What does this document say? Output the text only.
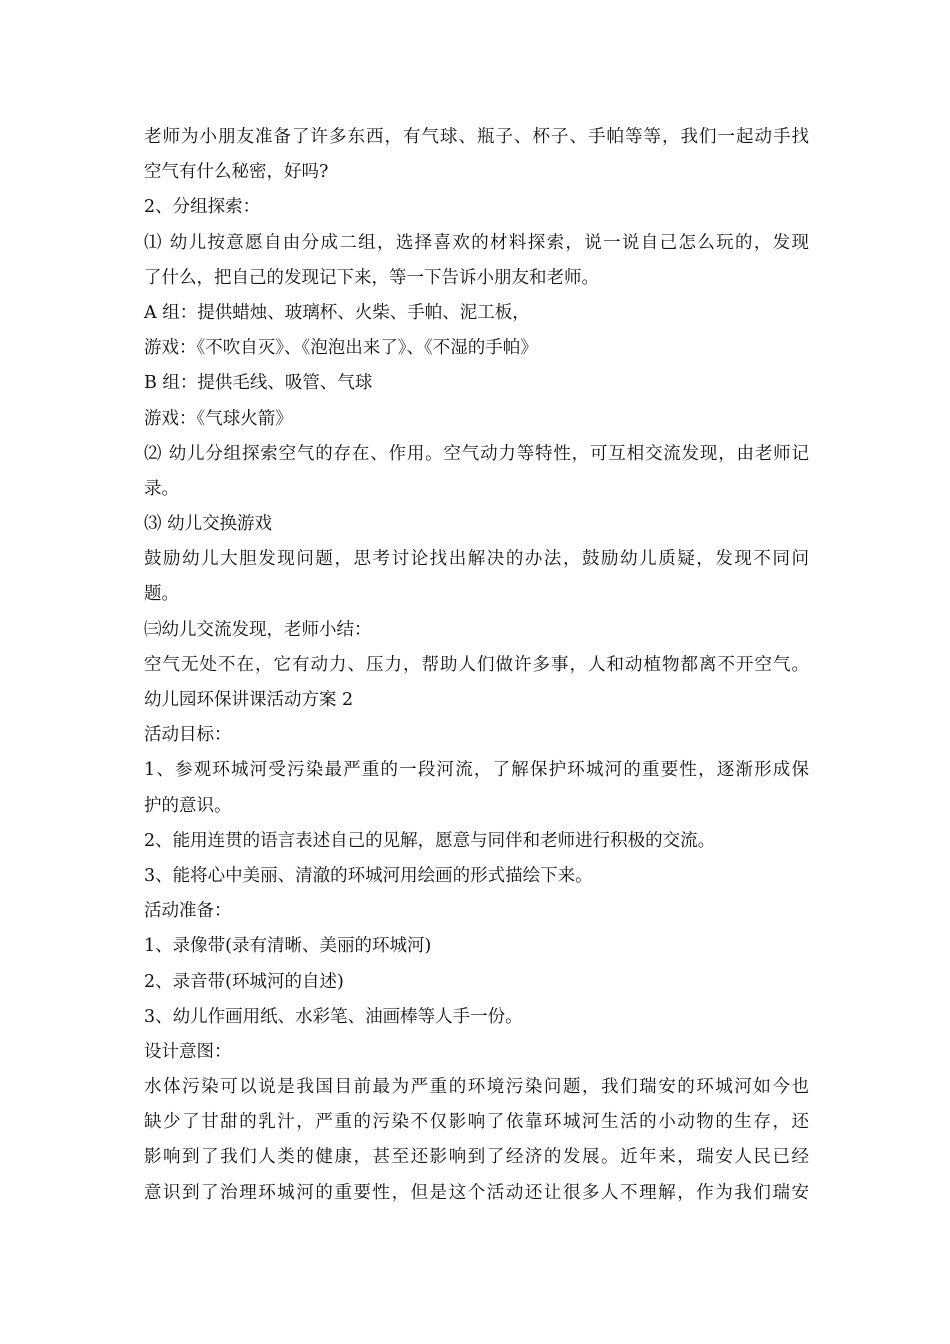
老师为小朋友准备了许多东西，有气球、瓶子、杯子、手帕等等，我们一起动手找
空气有什么秘密，好吗?
2、分组探索：
⑴ 幼儿按意愿自由分成二组，选择喜欢的材料探索，说一说自己怎么玩的，发现
了什么，把自己的发现记下来，等一下告诉小朋友和老师。
A 组：提供蜡烛、玻璃杯、火柴、手帕、泥工板，
游戏：《不吹自灭》、《泡泡出来了》、《不湿的手帕》
B 组：提供毛线、吸管、气球
游戏：《气球火箭》
⑵ 幼儿分组探索空气的存在、作用。空气动力等特性，可互相交流发现，由老师记
录。
⑶ 幼儿交换游戏
鼓励幼儿大胆发现问题，思考讨论找出解决的办法，鼓励幼儿质疑，发现不同问
题。
㈢幼儿交流发现，老师小结：
空气无处不在，它有动力、压力，帮助人们做许多事，人和动植物都离不开空气。
幼儿园环保讲课活动方案 2
活动目标：
1、参观环城河受污染最严重的一段河流，了解保护环城河的重要性，逐渐形成保
护的意识。
2、能用连贯的语言表述自己的见解，愿意与同伴和老师进行积极的交流。
3、能将心中美丽、清澈的环城河用绘画的形式描绘下来。
活动准备：
1、录像带(录有清晰、美丽的环城河)
2、录音带(环城河的自述)
3、幼儿作画用纸、水彩笔、油画棒等人手一份。
设计意图：
水体污染可以说是我国目前最为严重的环境污染问题，我们瑞安的环城河如今也
缺少了甘甜的乳汁，严重的污染不仅影响了依靠环城河生活的小动物的生存，还
影响到了我们人类的健康，甚至还影响到了经济的发展。近年来，瑞安人民已经
意识到了治理环城河的重要性，但是这个活动还让很多人不理解，作为我们瑞安
